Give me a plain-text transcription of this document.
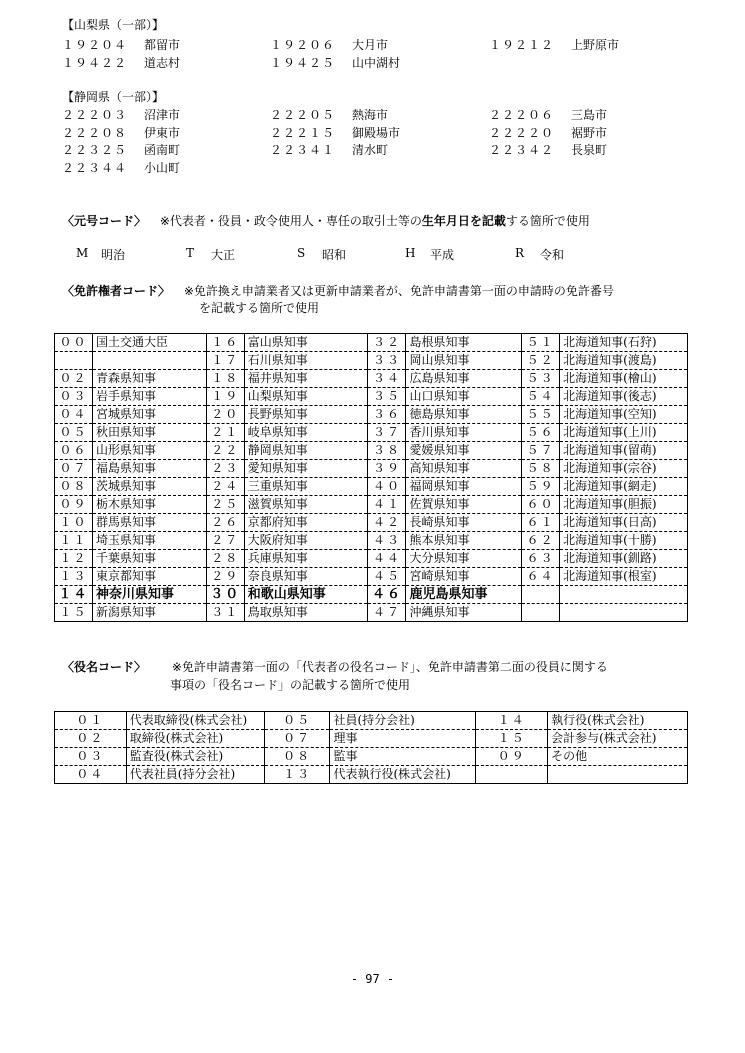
【山梨県（一部）】
１９２０４ 都留市	１９２０６ 大月市	１９２１２ 上野原市
１９４２２ 道志村	１９４２５ 山中湖村
【静岡県（一部）】
２２２０３ 沼津市	２２２０５ 熱海市	２２２０６ 三島市
２２２０８ 伊東市	２２２１５ 御殿場市	２２２２０ 裾野市
２２３２５ 函南町	２２３４１ 清水町	２２３４２ 長泉町
２２３４４ 小山町
〈元号コード〉 ※代表者・役員・政令使用人・専任の取引士等の生年月日を記載する箇所で使用
M 明治	T 大正	S 昭和	H 平成	R 令和
〈免許権者コード〉 ※免許換え申請業者又は更新申請業者が、免許申請書第一面の申請時の免許番号
を記載する箇所で使用
００	国土交通大臣	１６	富山県知事	３２	島根県知事	５１	北海道知事(石狩)
		１７	石川県知事	３３	岡山県知事	５２	北海道知事(渡島)
０２	青森県知事	１８	福井県知事	３４	広島県知事	５３	北海道知事(檜山)
０３	岩手県知事	１９	山梨県知事	３５	山口県知事	５４	北海道知事(後志)
０４	宮城県知事	２０	長野県知事	３６	徳島県知事	５５	北海道知事(空知)
０５	秋田県知事	２１	岐阜県知事	３７	香川県知事	５６	北海道知事(上川)
０６	山形県知事	２２	静岡県知事	３８	愛媛県知事	５７	北海道知事(留萌)
０７	福島県知事	２３	愛知県知事	３９	高知県知事	５８	北海道知事(宗谷)
０８	茨城県知事	２４	三重県知事	４０	福岡県知事	５９	北海道知事(網走)
０９	栃木県知事	２５	滋賀県知事	４１	佐賀県知事	６０	北海道知事(胆振)
１０	群馬県知事	２６	京都府知事	４２	長崎県知事	６１	北海道知事(日高)
１１	埼玉県知事	２７	大阪府知事	４３	熊本県知事	６２	北海道知事(十勝)
１２	千葉県知事	２８	兵庫県知事	４４	大分県知事	６３	北海道知事(釧路)
１３	東京都知事	２９	奈良県知事	４５	宮崎県知事	６４	北海道知事(根室)
１４	神奈川県知事	３０	和歌山県知事	４６	鹿児島県知事		
１５	新潟県知事	３１	鳥取県知事	４７	沖縄県知事		
〈役名コード〉 ※免許申請書第一面の「代表者の役名コード」、免許申請書第二面の役員に関する
事項の「役名コード」の記載する箇所で使用
０１	代表取締役(株式会社)	０５	社員(持分会社)	１４	執行役(株式会社)
０２	取締役(株式会社)	０７	理事	１５	会計参与(株式会社)
０３	監査役(株式会社)	０８	監事	０９	その他
０４	代表社員(持分会社)	１３	代表執行役(株式会社)		
- 97 -
